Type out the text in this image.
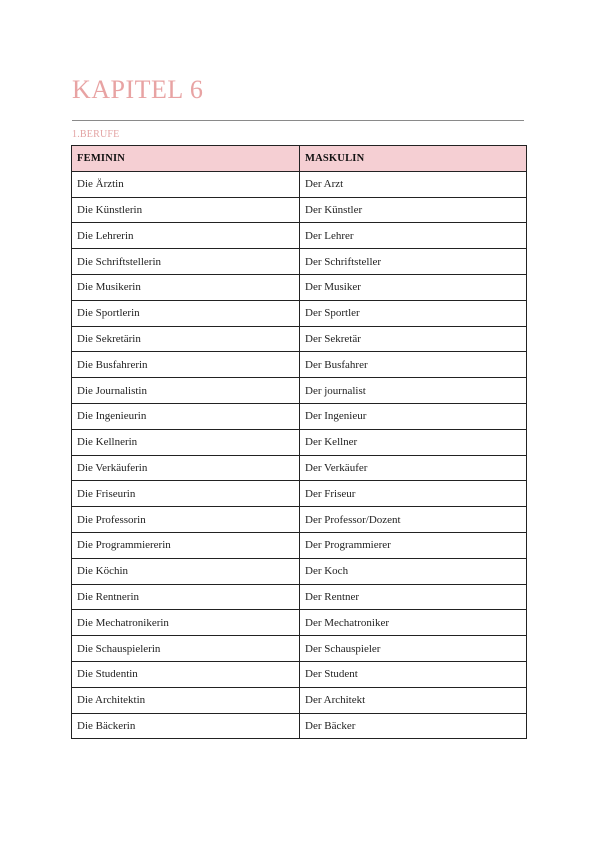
KAPITEL 6
1.BERUFE
FEMININ	MASKULIN
Die Ärztin	Der Arzt
Die Künstlerin	Der Künstler
Die Lehrerin	Der Lehrer
Die Schriftstellerin	Der Schriftsteller
Die Musikerin	Der Musiker
Die Sportlerin	Der Sportler
Die Sekretärin	Der Sekretär
Die Busfahrerin	Der Busfahrer
Die Journalistin	Der journalist
Die Ingenieurin	Der Ingenieur
Die Kellnerin	Der Kellner
Die Verkäuferin	Der Verkäufer
Die Friseurin	Der Friseur
Die Professorin	Der Professor/Dozent
Die Programmiererin	Der Programmierer
Die Köchin	Der Koch
Die Rentnerin	Der Rentner
Die Mechatronikerin	Der Mechatroniker
Die Schauspielerin	Der Schauspieler
Die Studentin	Der Student
Die Architektin	Der Architekt
Die Bäckerin	Der Bäcker
